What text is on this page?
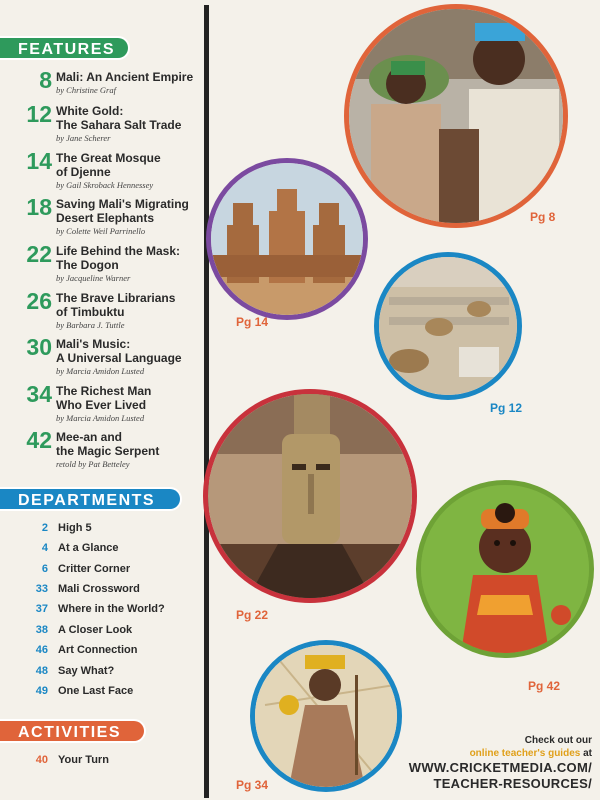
FEATURES
DEPARTMENTS
ACTIVITIES
8 Mali: An Ancient Empire
by Christine Graf
12 White Gold:
The Sahara Salt Trade
by Jane Scherer
14 The Great Mosque
of Djenne
by Gail Skroback Hennessey
18 Saving Mali's Migrating
Desert Elephants
by Colette Weil Parrinello
22 Life Behind the Mask:
The Dogon
by Jacqueline Warner
26 The Brave Librarians
of Timbuktu
by Barbara J. Tuttle
30 Mali's Music:
A Universal Language
by Marcia Amidon Lusted
34 The Richest Man
Who Ever Lived
by Marcia Amidon Lusted
42 Mee-an and
the Magic Serpent
retold by Pat Betteley
2 High 5
4 At a Glance
6 Critter Corner
33 Mali Crossword
37 Where in the World?
38 A Closer Look
46 Art Connection
48 Say What?
49 One Last Face
40 Your Turn
Pg 8
Pg 14
Pg 12
Pg 22
Pg 42
Pg 34
Check out our
online teacher's guides at
WWW.CRICKETMEDIA.COM/
TEACHER-RESOURCES/
